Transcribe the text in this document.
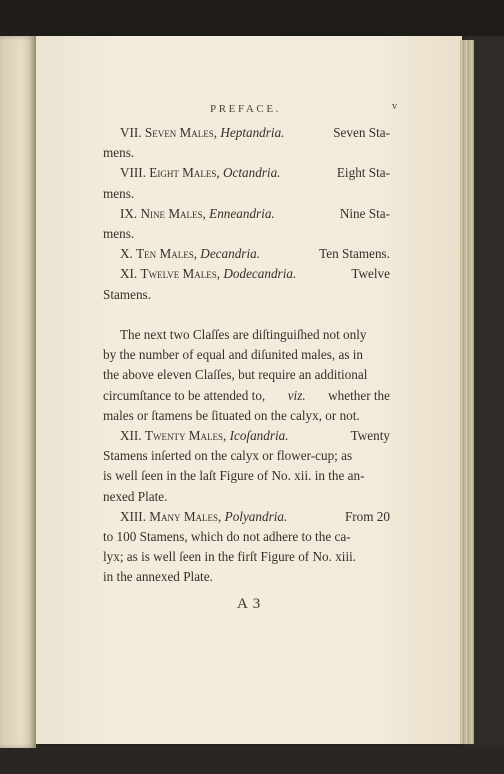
PREFACE.	v
VII. Seven Males, Heptandria.	Seven Sta-
mens.
VIII. Eight Males, Octandria.	Eight Sta-
mens.
IX. Nine Males, Enneandria.	Nine Sta-
mens.
X. Ten Males, Decandria.	Ten Stamens.
XI. Twelve Males, Dodecandria.	Twelve
Stamens.
The next two Claſſes are diſtinguiſhed not only
by the number of equal and diſunited males, as in
the above eleven Claſſes, but require an additional
circumſtance to be attended to, viz. whether the
males or ſtamens be ſituated on the calyx, or not.
XII. Twenty Males, Icoſandria.	Twenty
Stamens inſerted on the calyx or flower-cup; as
is well ſeen in the laſt Figure of No. xii. in the an-
nexed Plate.
XIII. Many Males, Polyandria.	From 20
to 100 Stamens, which do not adhere to the ca-
lyx; as is well ſeen in the firſt Figure of No. xiii.
in the annexed Plate.
A 3
